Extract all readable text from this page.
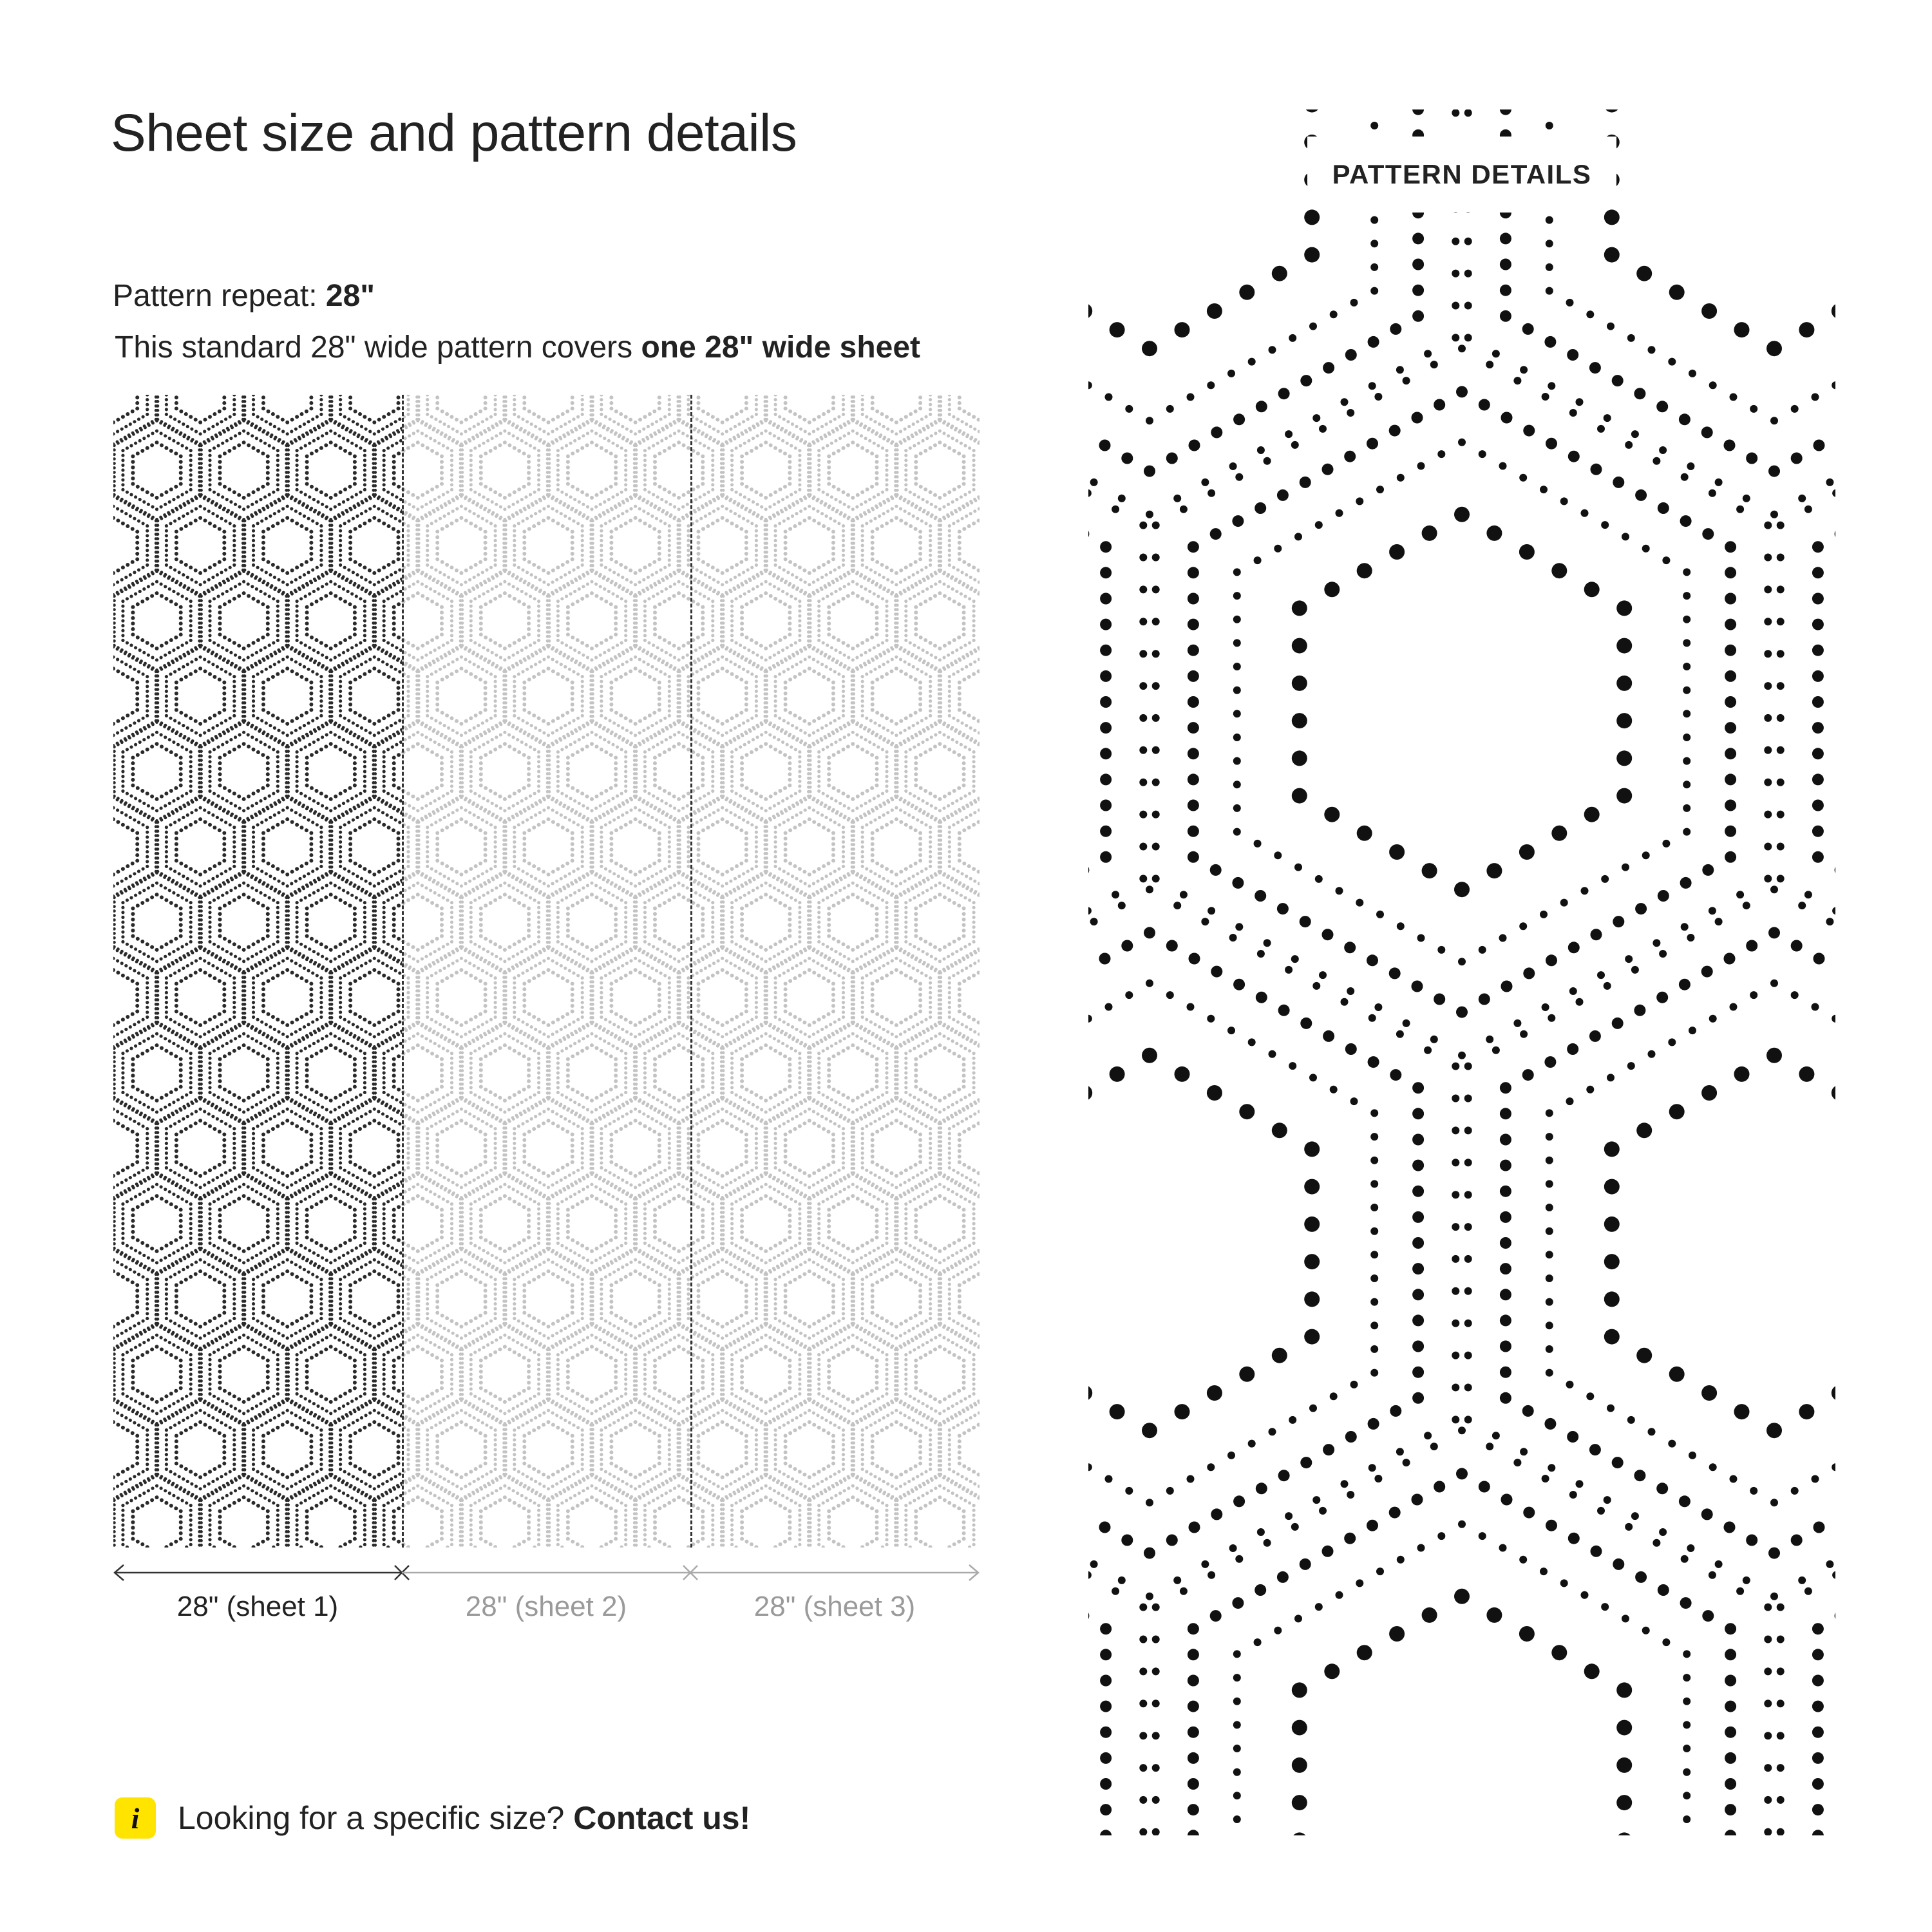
Sheet size and pattern details
Pattern repeat: 28"
This standard 28" wide pattern covers one 28" wide sheet
28" (sheet 1)	28" (sheet 2)	28" (sheet 3)
i	Looking for a specific size? Contact us!
PATTERN DETAILS
